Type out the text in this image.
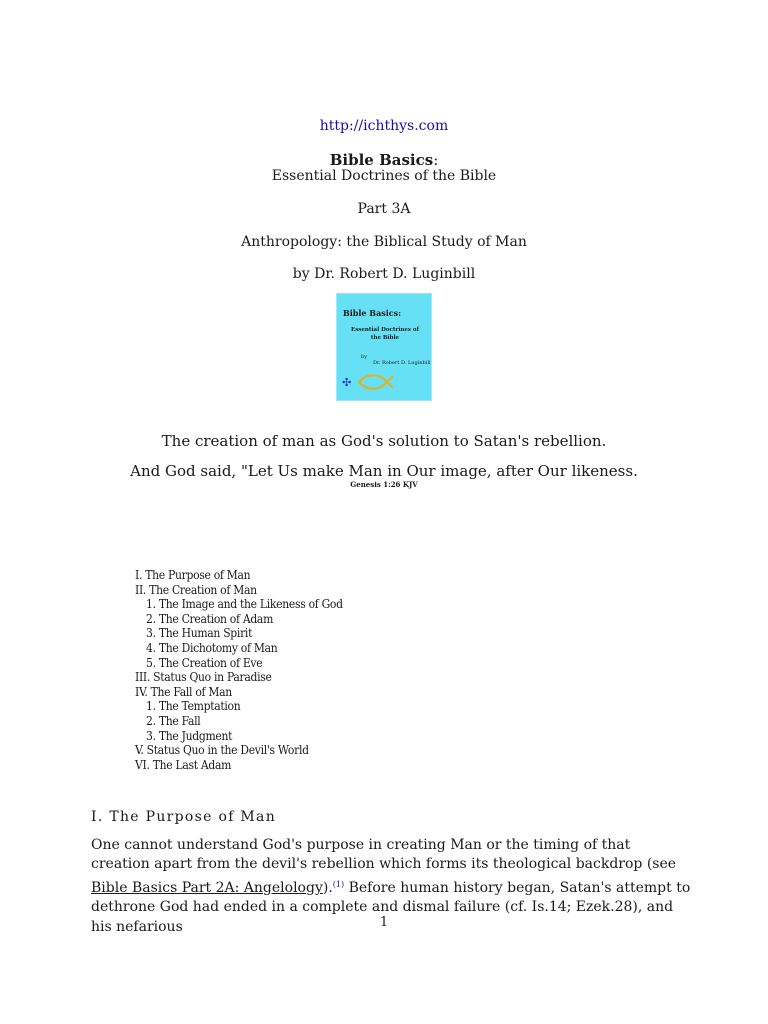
http://ichthys.com
Bible Basics:
Essential Doctrines of the Bible
Part 3A
Anthropology: the Biblical Study of Man
by Dr. Robert D. Luginbill
Bible Basics:
Essential Doctrines of
the Bible
by
Dr. Robert D. Luginbill
✣
The creation of man as God's solution to Satan's rebellion.
And God said, "Let Us make Man in Our image, after Our likeness.
Genesis 1:26 KJV
I. The Purpose of Man
II. The Creation of Man
1. The Image and the Likeness of God
2. The Creation of Adam
3. The Human Spirit
4. The Dichotomy of Man
5. The Creation of Eve
III. Status Quo in Paradise
IV. The Fall of Man
1. The Temptation
2. The Fall
3. The Judgment
V. Status Quo in the Devil's World
VI. The Last Adam
I. The Purpose of Man
One cannot understand God's purpose in creating Man or the timing of that creation apart from the devil's rebellion which forms its theological backdrop (see Bible Basics Part 2A: Angelology).$^{(1)}$ Before human history began, Satan's attempt to dethrone God had ended in a complete and dismal failure (cf. Is.14; Ezek.28), and his nefarious	1
